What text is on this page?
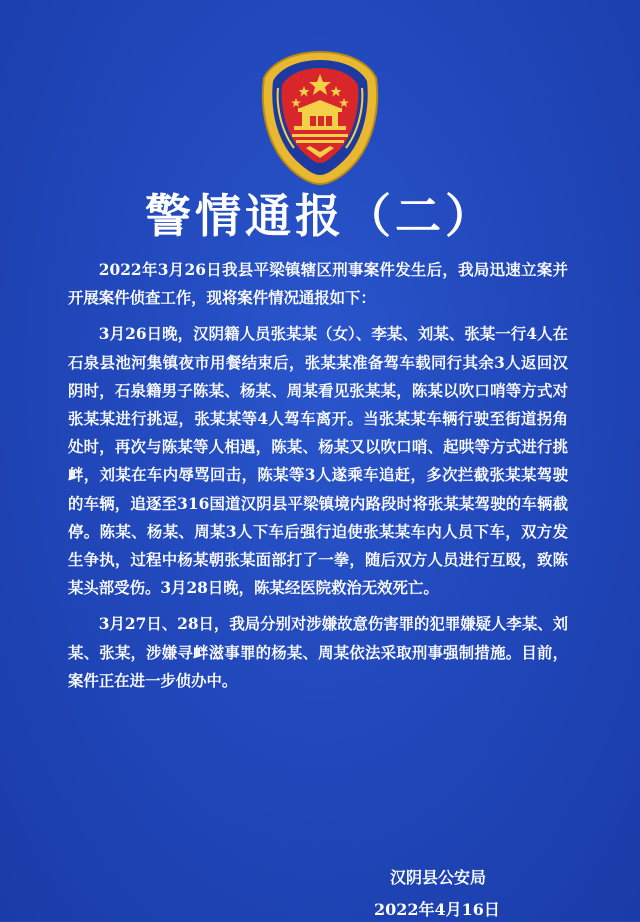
警情通报（二）

2022年3月26日我县平梁镇辖区刑事案件发生后，我局迅速立案并开展案件侦查工作，现将案件情况通报如下：

3月26日晚，汉阴籍人员张某某（女）、李某、刘某、张某一行4人在石泉县池河集镇夜市用餐结束后，张某某准备驾车载同行其余3人返回汉阴时，石泉籍男子陈某、杨某、周某看见张某某，陈某以吹口哨等方式对张某某进行挑逗，张某某等4人驾车离开。当张某某车辆行驶至街道拐角处时，再次与陈某等人相遇，陈某、杨某又以吹口哨、起哄等方式进行挑衅，刘某在车内辱骂回击，陈某等3人遂乘车追赶，多次拦截张某某驾驶的车辆，追逐至316国道汉阴县平梁镇境内路段时将张某某驾驶的车辆截停。陈某、杨某、周某3人下车后强行迫使张某某车内人员下车，双方发生争执，过程中杨某朝张某面部打了一拳，随后双方人员进行互殴，致陈某头部受伤。3月28日晚，陈某经医院救治无效死亡。

3月27日、28日，我局分别对涉嫌故意伤害罪的犯罪嫌疑人李某、刘某、张某，涉嫌寻衅滋事罪的杨某、周某依法采取刑事强制措施。目前，案件正在进一步侦办中。

汉阴县公安局
2022年4月16日
